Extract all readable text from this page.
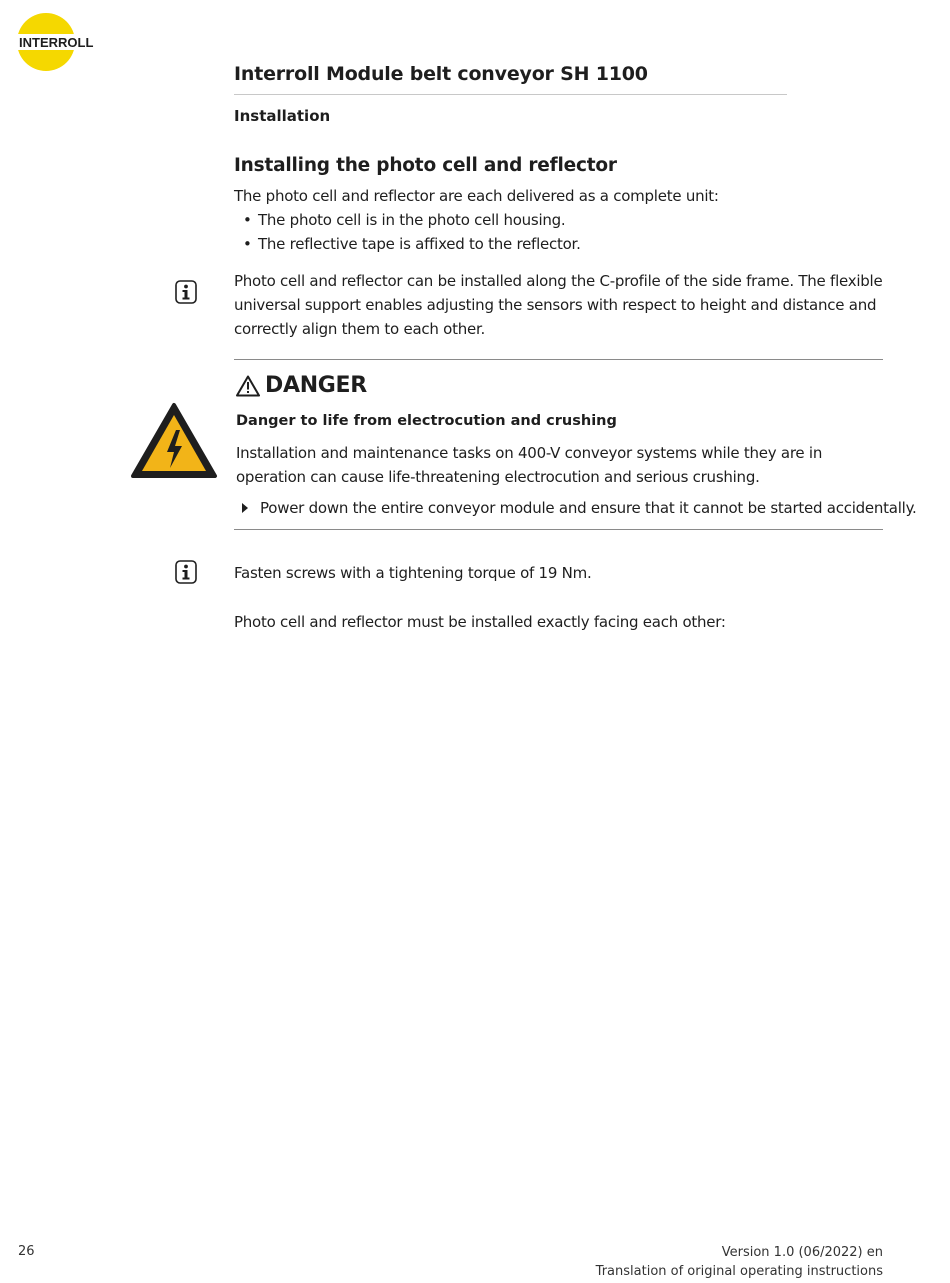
INTERROLL
Interroll Module belt conveyor SH 1100
Installation
Installing the photo cell and reflector
The photo cell and reflector are each delivered as a complete unit:
• The photo cell is in the photo cell housing.
• The reflective tape is affixed to the reflector.
Photo cell and reflector can be installed along the C-profile of the side frame. The flexible universal support enables adjusting the sensors with respect to height and distance and correctly align them to each other.
DANGER
Danger to life from electrocution and crushing
Installation and maintenance tasks on 400-V conveyor systems while they are in operation can cause life-threatening electrocution and serious crushing.
Power down the entire conveyor module and ensure that it cannot be started accidentally.
Fasten screws with a tightening torque of 19 Nm.
Photo cell and reflector must be installed exactly facing each other:
26	Version 1.0 (06/2022) en
Translation of original operating instructions
